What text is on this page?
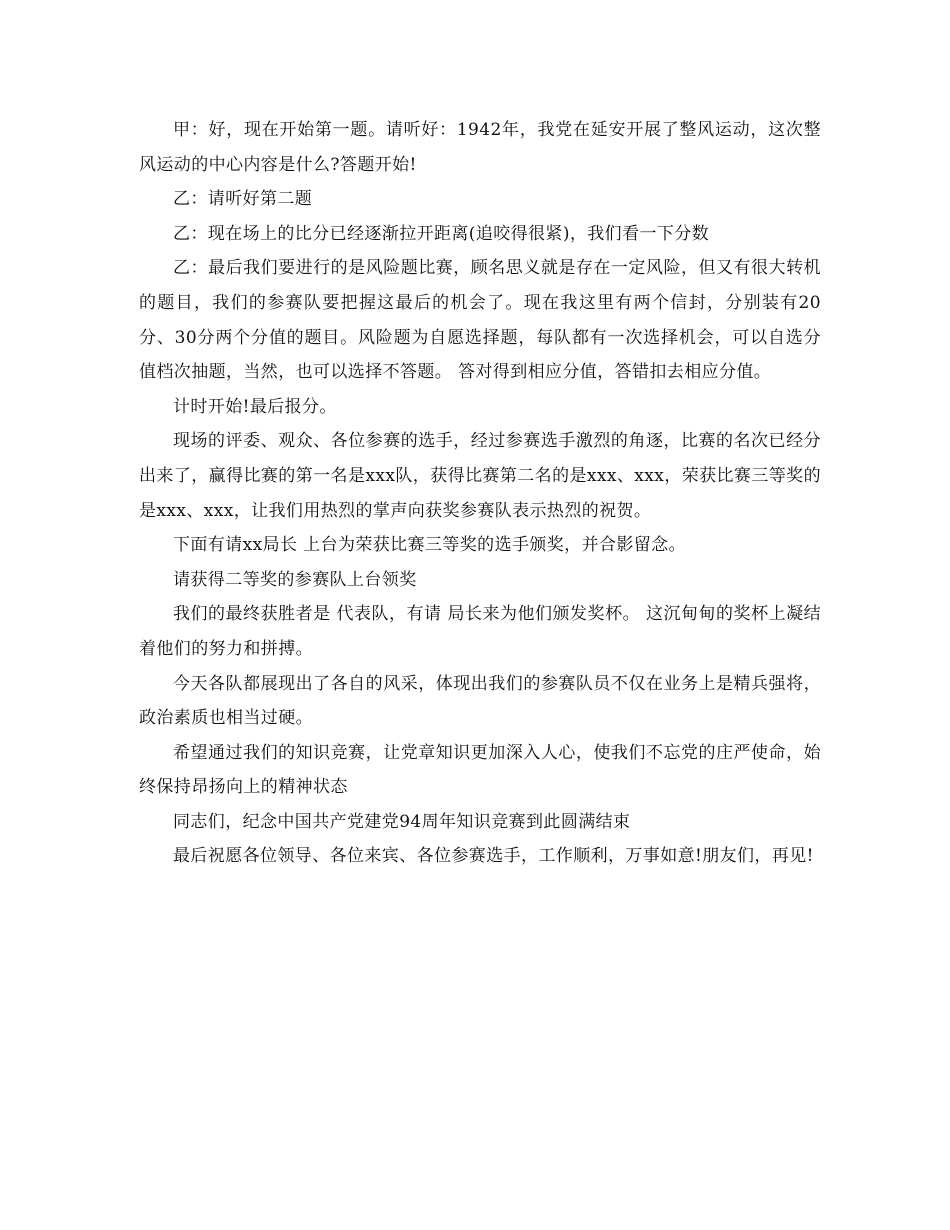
甲：好，现在开始第一题。请听好：1942年，我党在延安开展了整风运动，这次整风运动的中心内容是什么?答题开始!

乙：请听好第二题

乙：现在场上的比分已经逐渐拉开距离(追咬得很紧)，我们看一下分数

乙：最后我们要进行的是风险题比赛，顾名思义就是存在一定风险，但又有很大转机的题目，我们的参赛队要把握这最后的机会了。现在我这里有两个信封，分别装有20分、30分两个分值的题目。风险题为自愿选择题，每队都有一次选择机会，可以自选分值档次抽题，当然，也可以选择不答题。 答对得到相应分值，答错扣去相应分值。

计时开始!最后报分。

现场的评委、观众、各位参赛的选手，经过参赛选手激烈的角逐，比赛的名次已经分出来了，赢得比赛的第一名是xxx队，获得比赛第二名的是xxx、xxx，荣获比赛三等奖的是xxx、xxx，让我们用热烈的掌声向获奖参赛队表示热烈的祝贺。

下面有请xx局长 上台为荣获比赛三等奖的选手颁奖，并合影留念。

请获得二等奖的参赛队上台领奖

我们的最终获胜者是 代表队，有请 局长来为他们颁发奖杯。 这沉甸甸的奖杯上凝结着他们的努力和拼搏。

今天各队都展现出了各自的风采，体现出我们的参赛队员不仅在业务上是精兵强将，政治素质也相当过硬。

希望通过我们的知识竞赛，让党章知识更加深入人心，使我们不忘党的庄严使命，始终保持昂扬向上的精神状态

同志们，纪念中国共产党建党94周年知识竞赛到此圆满结束

最后祝愿各位领导、各位来宾、各位参赛选手，工作顺利，万事如意!朋友们，再见!
